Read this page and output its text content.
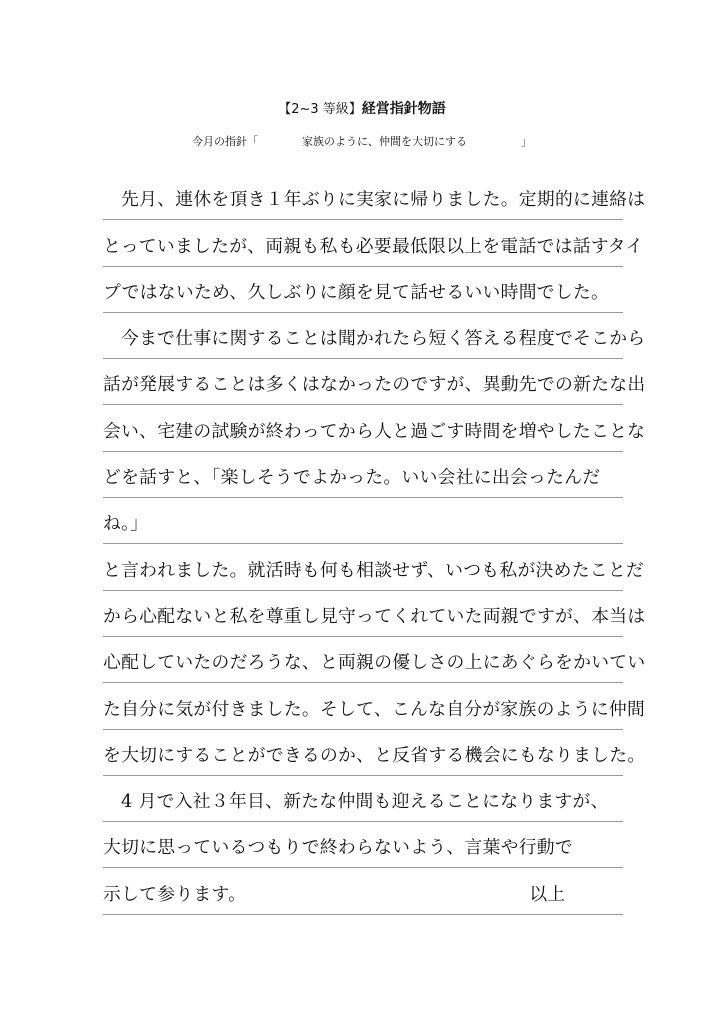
【2~3 等級】経営指針物語
今月の指針「	家族のように、仲間を大切にする	」
先月、連休を頂き１年ぶりに実家に帰りました。定期的に連絡は
とっていましたが、両親も私も必要最低限以上を電話では話すタイ
プではないため、久しぶりに顔を見て話せるいい時間でした。
今まで仕事に関することは聞かれたら短く答える程度でそこから
話が発展することは多くはなかったのですが、異動先での新たな出
会い、宅建の試験が終わってから人と過ごす時間を増やしたことな
どを話すと、「楽しそうでよかった。いい会社に出会ったんだ
ね。」
と言われました。就活時も何も相談せず、いつも私が決めたことだ
から心配ないと私を尊重し見守ってくれていた両親ですが、本当は
心配していたのだろうな、と両親の優しさの上にあぐらをかいてい
た自分に気が付きました。そして、こんな自分が家族のように仲間
を大切にすることができるのか、と反省する機会にもなりました。
4 月で入社３年目、新たな仲間も迎えることになりますが、
大切に思っているつもりで終わらないよう、言葉や行動で
示して参ります。	以上
